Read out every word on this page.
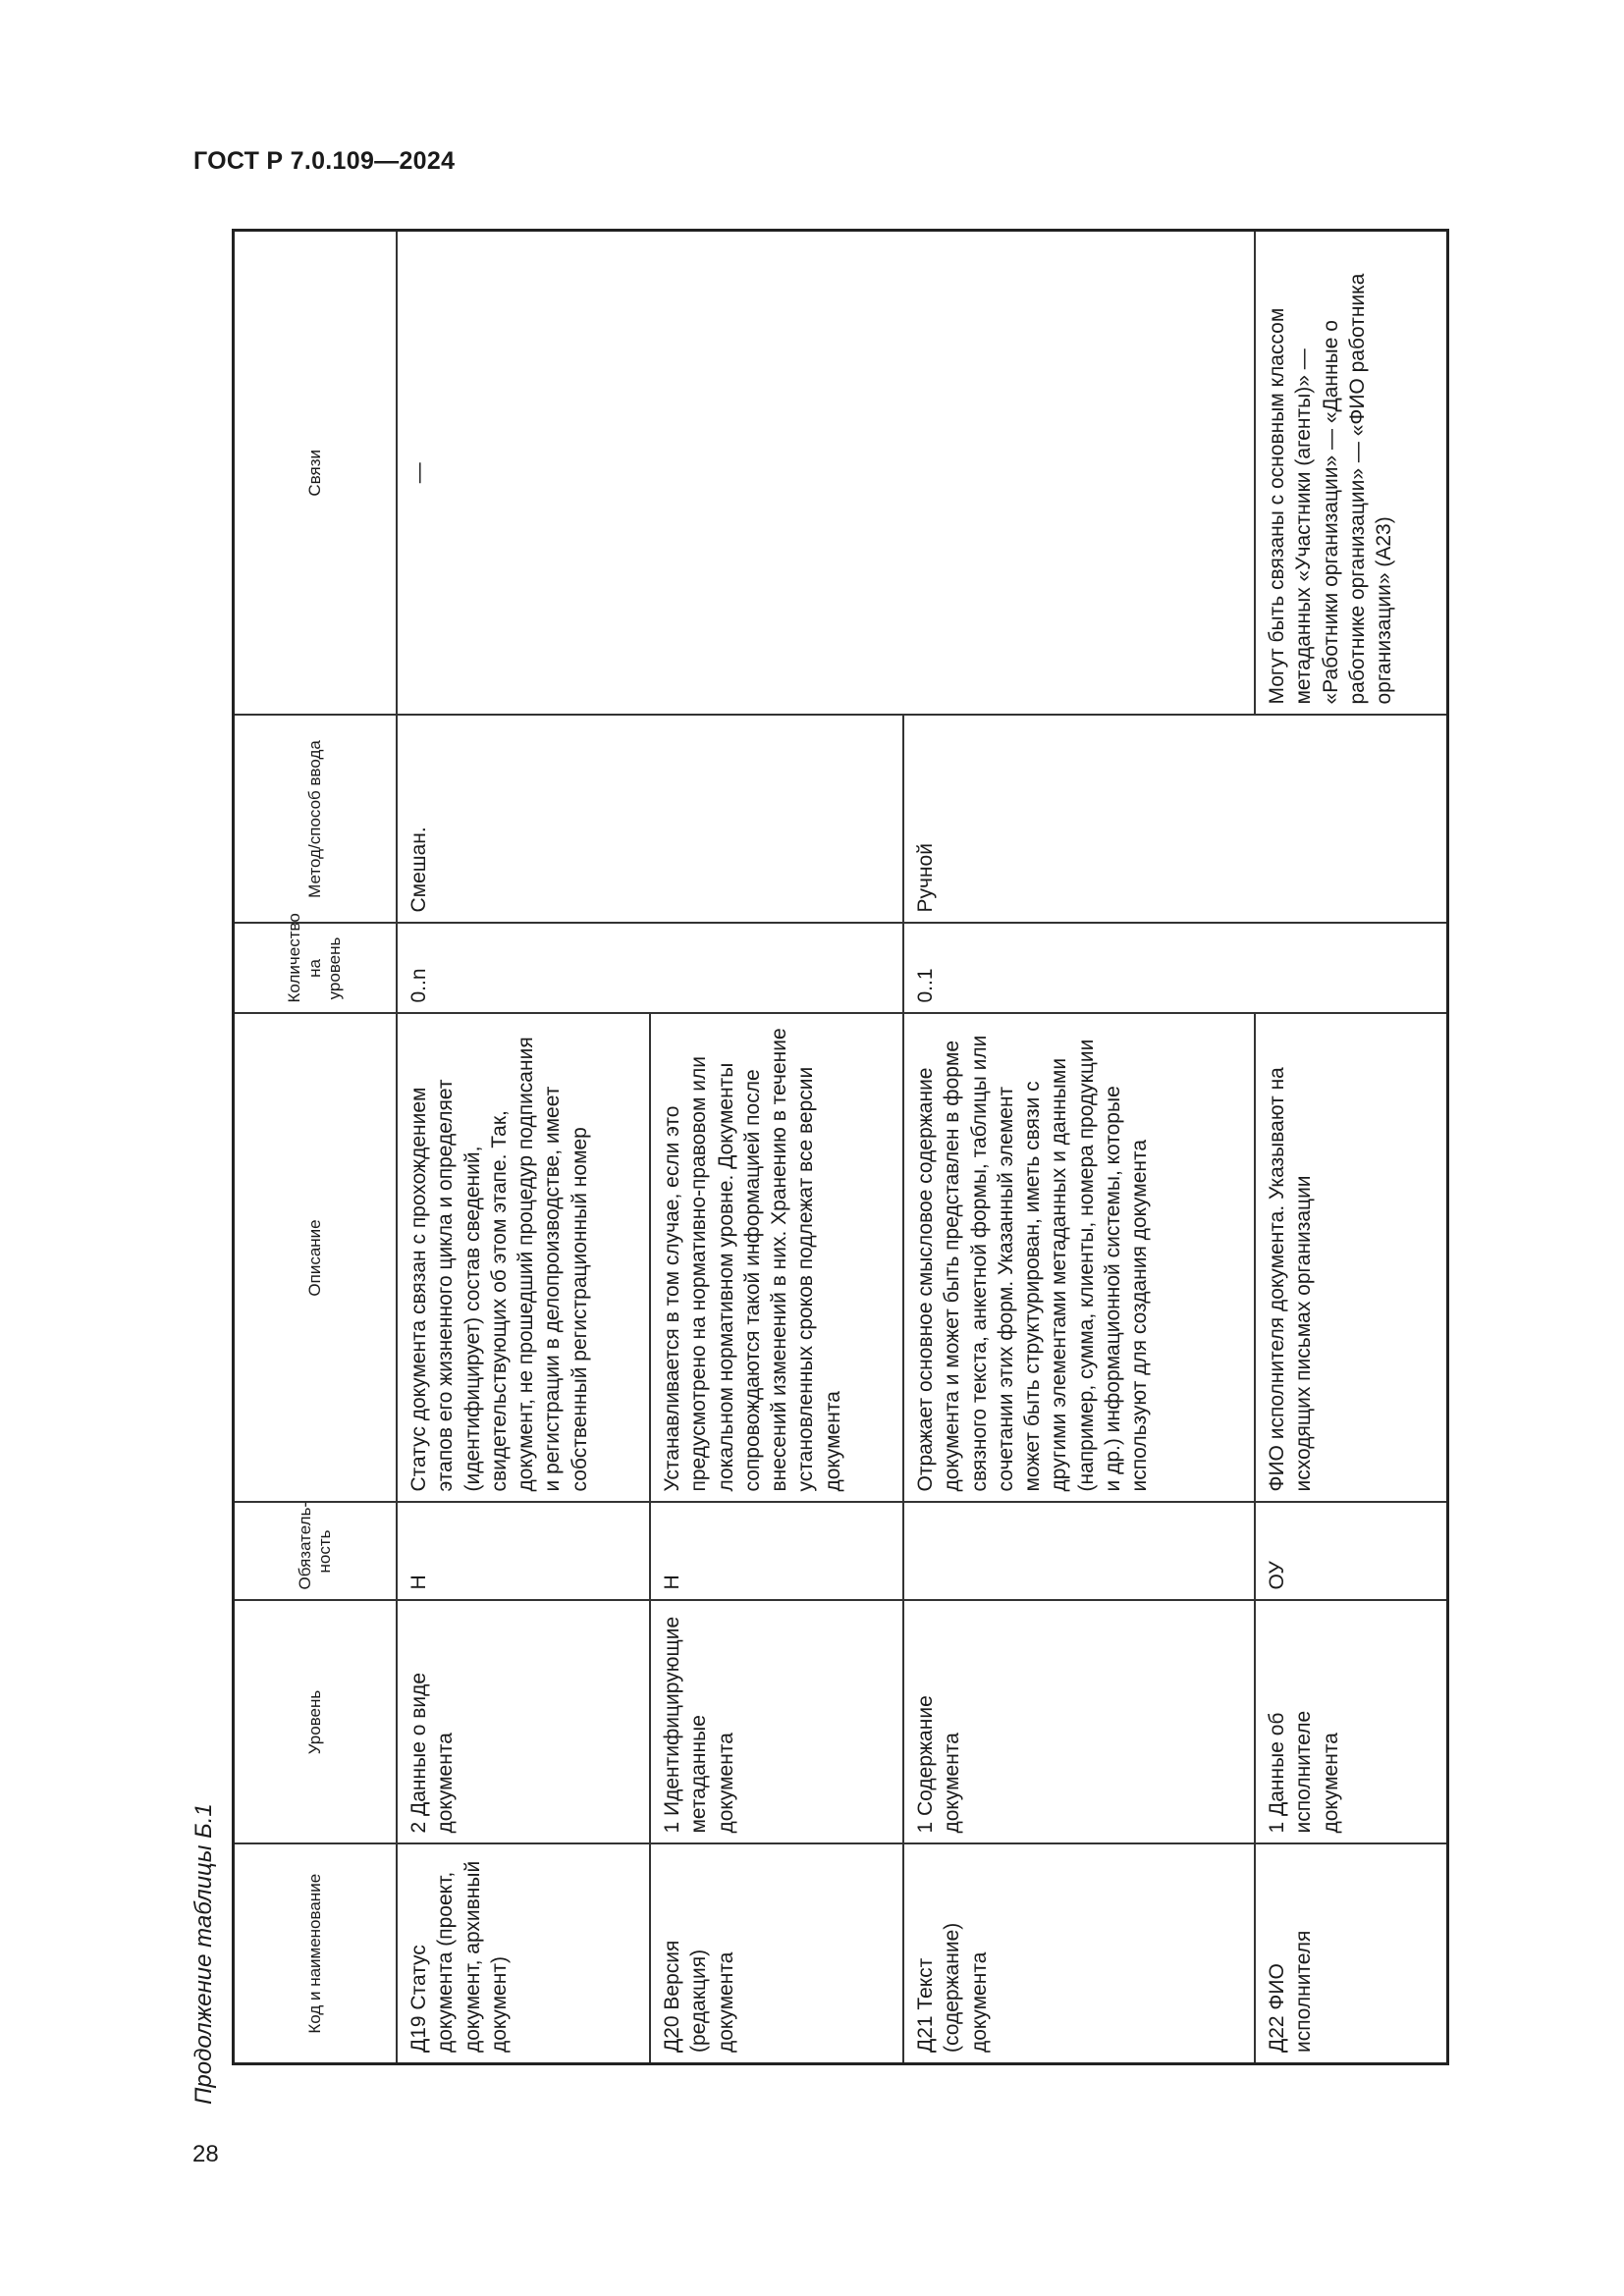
ГОСТ Р 7.0.109—2024
Продолжение таблицы Б.1	Код и наименование	Уровень	Обязатель-ность	Описание	Количество на уровень	Метод/способ ввода	Связи
Д19 Статус документа (проект, документ, архивный документ)	2 Данные о виде документа	Н	Статус документа связан с прохождением этапов его жизненного цикла и определяет (идентифицирует) состав сведений, свидетельствующих об этом этапе. Так, документ, не прошедший процедур подписания и регистрации в делопроизводстве, имеет собственный регистрационный номер	0..n	Смешан.	—
Д20 Версия (редакция) документа	1 Идентифицирующие метаданные документа	Н	Устанавливается в том случае, если это предусмотрено на нормативно-правовом или локальном нормативном уровне. Документы сопровождаются такой информацией после внесений изменений в них. Хранению в течение установленных сроков подлежат все версии документа			
Д21 Текст (содержание) документа	1 Содержание документа		Отражает основное смысловое содержание документа и может быть представлен в форме связного текста, анкетной формы, таблицы или сочетании этих форм. Указанный элемент может быть структурирован, иметь связи с другими элементами метаданных и данными (например, сумма, клиенты, номера продукции и др.) информационной системы, которые используют для создания документа	0..1	Ручной	
Д22 ФИО исполнителя	1 Данные об исполнителе документа	ОУ	ФИО исполнителя документа. Указывают на исходящих письмах организации			Могут быть связаны с основным классом метаданных «Участники (агенты)» — «Работники организации» — «Данные о работнике организации» — «ФИО работника организации» (А23)
28
